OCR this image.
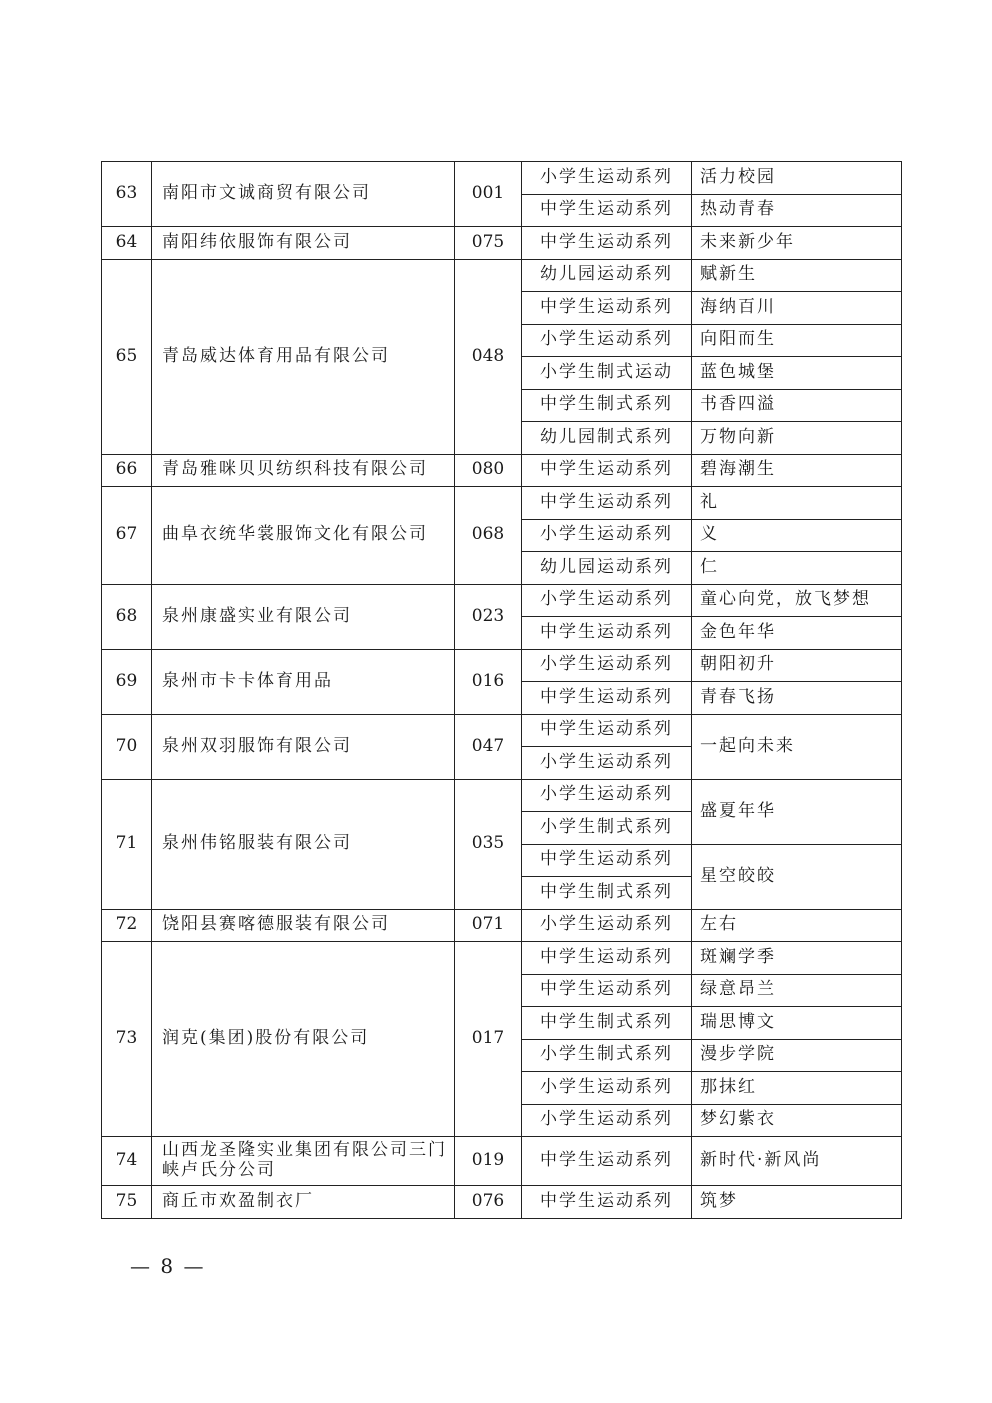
63	南阳市文诚商贸有限公司	001	小学生运动系列	活力校园
			中学生运动系列	热动青春
64	南阳纬依服饰有限公司	075	中学生运动系列	未来新少年
65	青岛威达体育用品有限公司	048	幼儿园运动系列	赋新生
			中学生运动系列	海纳百川
			小学生运动系列	向阳而生
			小学生制式运动	蓝色城堡
			中学生制式系列	书香四溢
			幼儿园制式系列	万物向新
66	青岛雅咪贝贝纺织科技有限公司	080	中学生运动系列	碧海潮生
67	曲阜衣统华裳服饰文化有限公司	068	中学生运动系列	礼
			小学生运动系列	义
			幼儿园运动系列	仁
68	泉州康盛实业有限公司	023	小学生运动系列	童心向党，放飞梦想
			中学生运动系列	金色年华
69	泉州市卡卡体育用品	016	小学生运动系列	朝阳初升
			中学生运动系列	青春飞扬
70	泉州双羽服饰有限公司	047	中学生运动系列	一起向未来
			小学生运动系列	
71	泉州伟铭服装有限公司	035	小学生运动系列	盛夏年华
			小学生制式系列	
			中学生运动系列	星空皎皎
			中学生制式系列	
72	饶阳县赛喀德服装有限公司	071	小学生运动系列	左右
73	润克(集团)股份有限公司	017	中学生运动系列	斑斓学季
			中学生运动系列	绿意昂兰
			中学生制式系列	瑞思博文
			小学生制式系列	漫步学院
			小学生运动系列	那抹红
			小学生运动系列	梦幻紫衣
74	山西龙圣隆实业集团有限公司三门峡卢氏分公司	019	中学生运动系列	新时代·新风尚
75	商丘市欢盈制衣厂	076	中学生运动系列	筑梦
— 8 —
